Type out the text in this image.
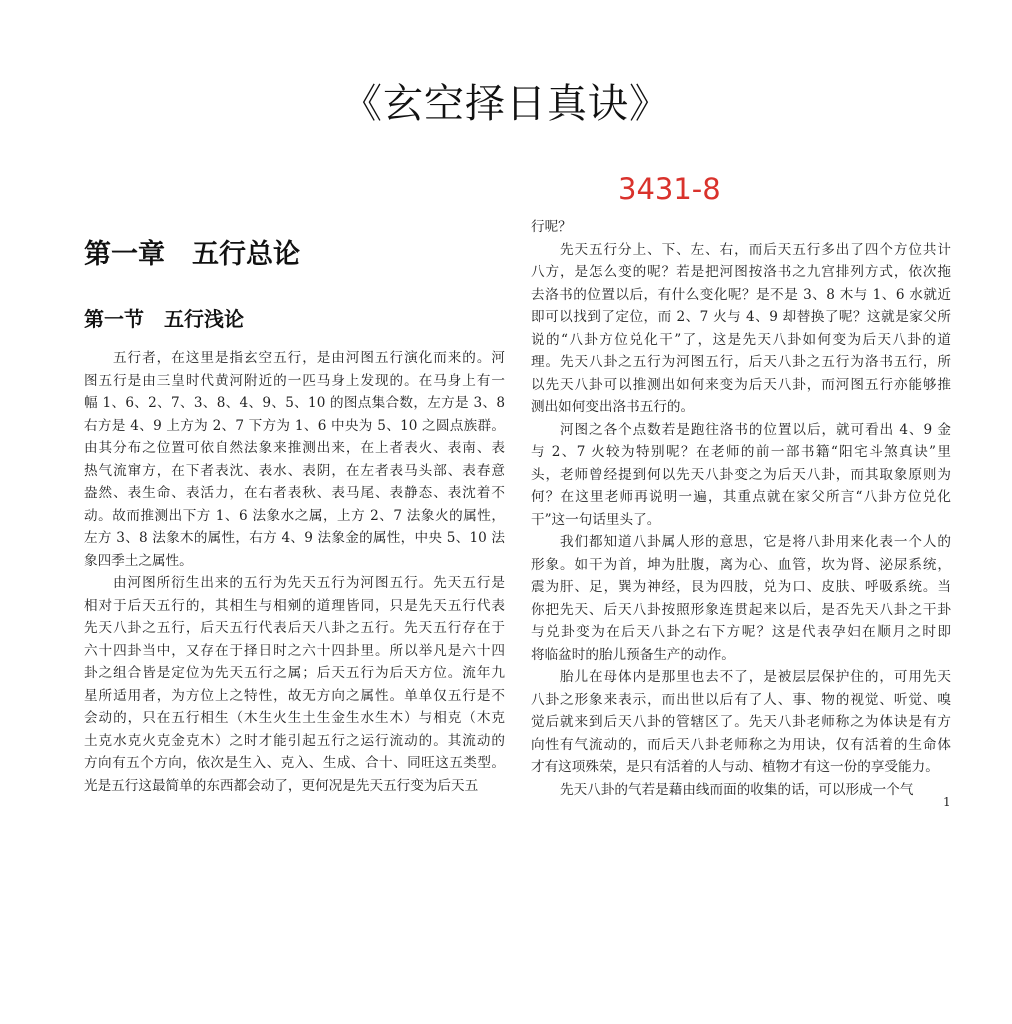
《玄空择日真诀》
3431-8
第一章　五行总论
第一节　五行浅论
五行者，在这里是指玄空五行，是由河图五行演化而来的。河
图五行是由三皇时代黄河附近的一匹马身上发现的。在马身上有一
幅 1、6、2、7、3、8、4、9、5、10 的图点集合数，左方是 3、8
右方是 4、9 上方为 2、7 下方为 1、6 中央为 5、10 之圆点族群。
由其分布之位置可依自然法象来推测出来，在上者表火、表南、表
热气流窜方，在下者表沈、表水、表阴，在左者表马头部、表春意
盎然、表生命、表活力，在右者表秋、表马尾、表静态、表沈着不
动。故而推测出下方 1、6 法象水之属，上方 2、7 法象火的属性，
左方 3、8 法象木的属性，右方 4、9 法象金的属性，中央 5、10 法
象四季土之属性。
由河图所衍生出来的五行为先天五行为河图五行。先天五行是
相对于后天五行的，其相生与相剜的道理皆同，只是先天五行代表
先天八卦之五行，后天五行代表后天八卦之五行。先天五行存在于
六十四卦当中，又存在于择日时之六十四卦里。所以举凡是六十四
卦之组合皆是定位为先天五行之属；后天五行为后天方位。流年九
星所适用者，为方位上之特性，故无方向之属性。单单仅五行是不
会动的，只在五行相生（木生火生土生金生水生木）与相克（木克
土克水克火克金克木）之时才能引起五行之运行流动的。其流动的
方向有五个方向，依次是生入、克入、生成、合十、同旺这五类型。
光是五行这最简单的东西都会动了，更何况是先天五行变为后天五
行呢？
先天五行分上、下、左、右，而后天五行多出了四个方位共计
八方，是怎么变的呢？若是把河图按洛书之九宫排列方式，依次拖
去洛书的位置以后，有什么变化呢？是不是 3、8 木与 1、6 水就近
即可以找到了定位，而 2、7 火与 4、9 却替换了呢？这就是家父所
说的“八卦方位兑化干”了，这是先天八卦如何变为后天八卦的道
理。先天八卦之五行为河图五行，后天八卦之五行为洛书五行，所
以先天八卦可以推测出如何来变为后天八卦，而河图五行亦能够推
测出如何变出洛书五行的。
河图之各个点数若是跑往洛书的位置以后，就可看出 4、9 金
与 2、7 火较为特别呢？在老师的前一部书籍“阳宅斗煞真诀”里
头，老师曾经提到何以先天八卦变之为后天八卦，而其取象原则为
何？在这里老师再说明一遍，其重点就在家父所言“八卦方位兑化
干”这一句话里头了。
我们都知道八卦属人形的意思，它是将八卦用来化表一个人的
形象。如干为首，坤为肚腹，离为心、血管，坎为肾、泌尿系统，
震为肝、足，巽为神经，艮为四肢，兑为口、皮肤、呼吸系统。当
你把先天、后天八卦按照形象连贯起来以后，是否先天八卦之干卦
与兑卦变为在后天八卦之右下方呢？这是代表孕妇在顺月之时即
将临盆时的胎儿预备生产的动作。
胎儿在母体内是那里也去不了，是被层层保护住的，可用先天
八卦之形象来表示，而出世以后有了人、事、物的视觉、听觉、嗅
觉后就来到后天八卦的管辖区了。先天八卦老师称之为体诀是有方
向性有气流动的，而后天八卦老师称之为用诀，仅有活着的生命体
才有这项殊荣，是只有活着的人与动、植物才有这一份的享受能力。
先天八卦的气若是藉由线而面的收集的话，可以形成一个气
1
